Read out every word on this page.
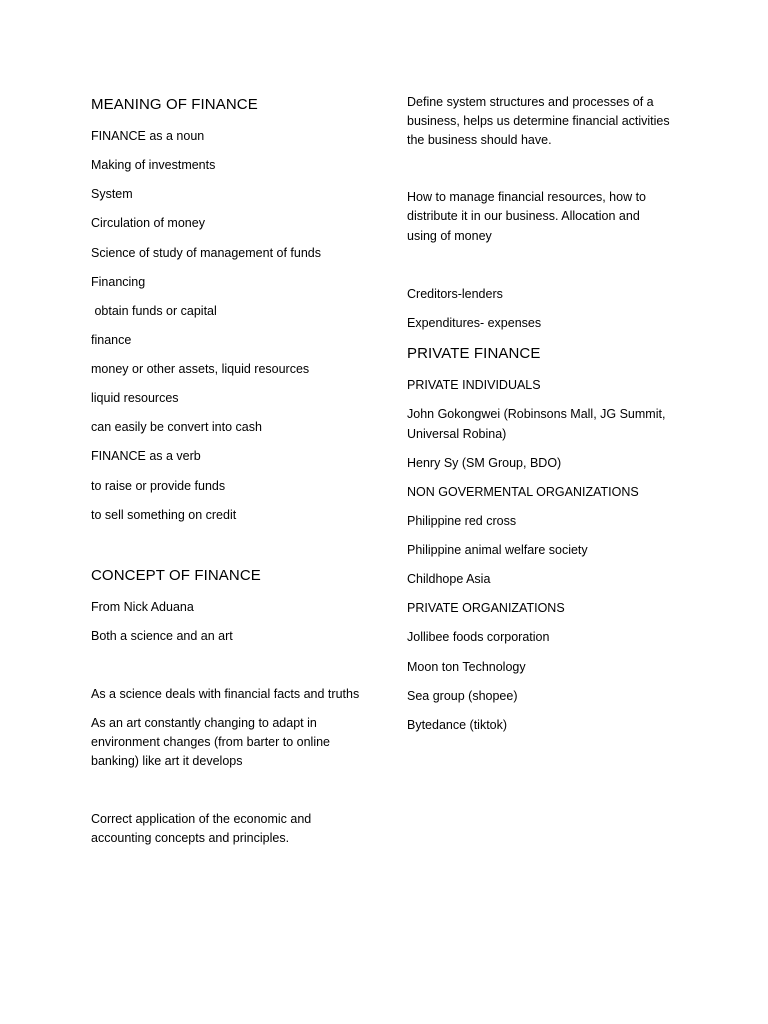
MEANING OF FINANCE
FINANCE as a noun
Making of investments
System
Circulation of money
Science of study of management of funds
Financing
obtain funds or capital
finance
money or other assets, liquid resources
liquid resources
can easily be convert into cash
FINANCE as a verb
to raise or provide funds
to sell something on credit
CONCEPT OF FINANCE
From Nick Aduana
Both a science and an art
As a science deals with financial facts and truths
As an art constantly changing to adapt in
environment changes (from barter to online
banking) like art it develops
Correct application of the economic and
accounting concepts and principles.
Define system structures and processes of a
business, helps us determine financial activities
the business should have.
How to manage financial resources, how to
distribute it in our business. Allocation and
using of money
Creditors-lenders
Expenditures- expenses
PRIVATE FINANCE
PRIVATE INDIVIDUALS
John Gokongwei (Robinsons Mall, JG Summit,
Universal Robina)
Henry Sy (SM Group, BDO)
NON GOVERMENTAL ORGANIZATIONS
Philippine red cross
Philippine animal welfare society
Childhope Asia
PRIVATE ORGANIZATIONS
Jollibee foods corporation
Moon ton Technology
Sea group (shopee)
Bytedance (tiktok)
